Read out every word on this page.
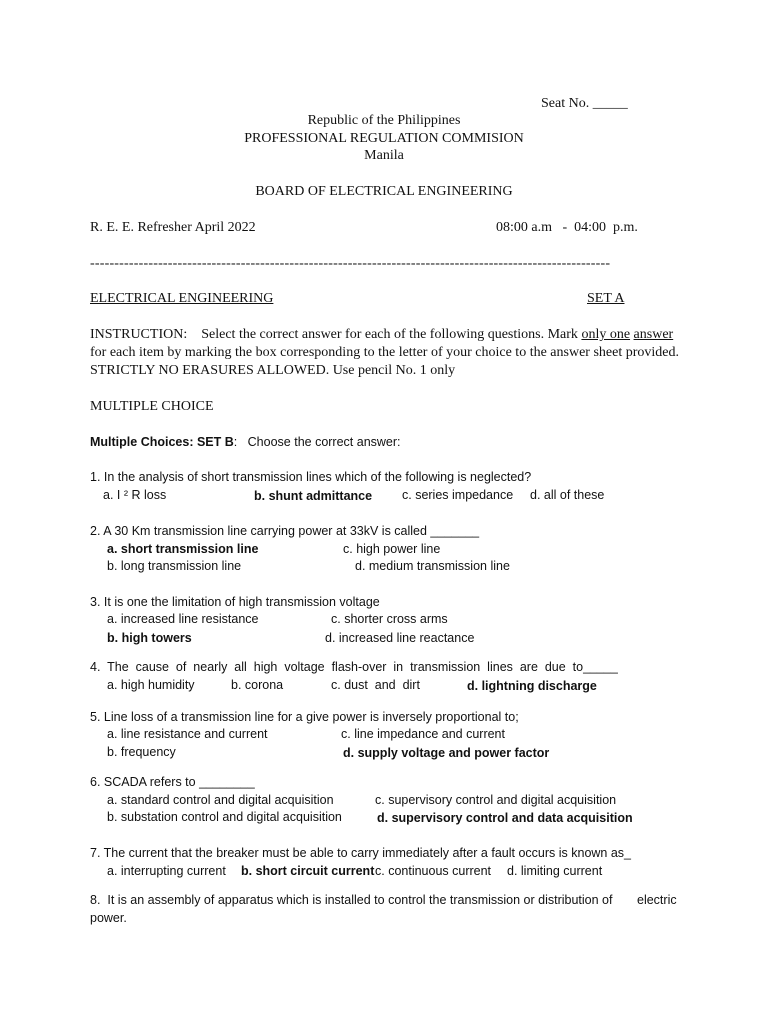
Seat No. _____
Republic of the Philippines
PROFESSIONAL REGULATION COMMISION
Manila
BOARD OF ELECTRICAL ENGINEERING
R. E. E. Refresher April 2022	08:00 a.m   -  04:00  p.m.
-----------------------------------------------------------------------------------------------------------
ELECTRICAL ENGINEERING	SET A
INSTRUCTION: Select the correct answer for each of the following questions. Mark only one answer for each item by marking the box corresponding to the letter of your choice to the answer sheet provided. STRICTLY NO ERASURES ALLOWED. Use pencil No. 1 only
MULTIPLE CHOICE
Multiple Choices: SET B:   Choose the correct answer:
1. In the analysis of short transmission lines which of the following is neglected?
a. I ² R loss	b. shunt admittance c. series impedance d. all of these
2. A 30 Km transmission line carrying power at 33kV is called _______
a. short transmission line	c. high power line
b. long transmission line	d. medium transmission line
3. It is one the limitation of high transmission voltage
a. increased line resistance	c. shorter cross arms
b. high towers	d. increased line reactance
4.  The  cause  of  nearly  all  high  voltage  flash-over  in  transmission  lines  are  due  to_____
a. high humidity	b. corona	c. dust  and  dirt	d. lightning discharge
5. Line loss of a transmission line for a give power is inversely proportional to;
a. line resistance and current	c. line impedance and current
b. frequency	d. supply voltage and power factor
6. SCADA refers to ________
a. standard control and digital acquisition	c. supervisory control and digital acquisition
b. substation control and digital acquisition	d. supervisory control and data acquisition
7. The current that the breaker must be able to carry immediately after a fault occurs is known as_
a. interrupting current b. short circuit current c. continuous current d. limiting current
8.  It is an assembly of apparatus which is installed to control the transmission or distribution of electric
power.
